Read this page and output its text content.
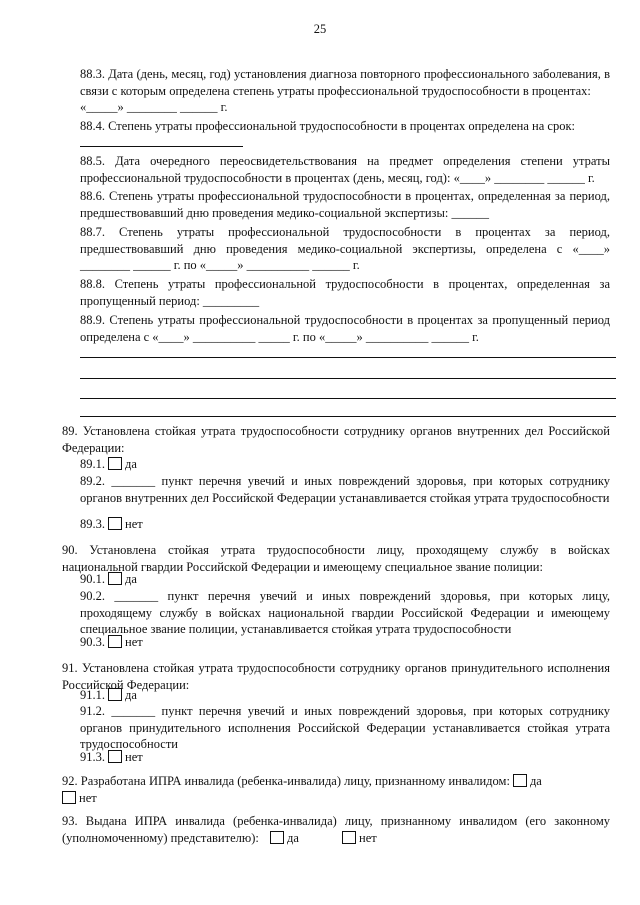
25
88.3. Дата (день, месяц, год) установления диагноза повторного профессионального заболевания, в связи с которым определена степень утраты профессиональной трудоспособности в процентах:
«_____» ________ ______ г.
88.4. Степень утраты профессиональной трудоспособности в процентах определена на срок:
88.5. Дата очередного переосвидетельствования на предмет определения степени утраты профессиональной трудоспособности в процентах (день, месяц, год): «____» ________ ______ г.
88.6. Степень утраты профессиональной трудоспособности в процентах, определенная за период, предшествовавший дню проведения медико-социальной экспертизы: ______
88.7. Степень утраты профессиональной трудоспособности в процентах за период, предшествовавший дню проведения медико-социальной экспертизы, определена с «____» ________ ______ г. по «_____» __________ ______ г.
88.8. Степень утраты профессиональной трудоспособности в процентах, определенная за пропущенный период: _________
88.9. Степень утраты профессиональной трудоспособности в процентах за пропущенный период определена с «____» __________ _____ г. по «_____» __________ ______ г.
89. Установлена стойкая утрата трудоспособности сотруднику органов внутренних дел Российской Федерации:
89.1. да
89.2. _______ пункт перечня увечий и иных повреждений здоровья, при которых сотруднику органов внутренних дел Российской Федерации устанавливается стойкая утрата трудоспособности
89.3. нет
90. Установлена стойкая утрата трудоспособности лицу, проходящему службу в войсках национальной гвардии Российской Федерации и имеющему специальное звание полиции:
90.1. да
90.2. _______ пункт перечня увечий и иных повреждений здоровья, при которых лицу, проходящему службу в войсках национальной гвардии Российской Федерации и имеющему специальное звание полиции, устанавливается стойкая утрата трудоспособности
90.3. нет
91. Установлена стойкая утрата трудоспособности сотруднику органов принудительного исполнения Российской Федерации:
91.1. да
91.2. _______ пункт перечня увечий и иных повреждений здоровья, при которых сотруднику органов принудительного исполнения Российской Федерации устанавливается стойкая утрата трудоспособности
91.3. нет
92. Разработана ИПРА инвалида (ребенка-инвалида) лицу, признанному инвалидом: да
нет
93. Выдана ИПРА инвалида (ребенка-инвалида) лицу, признанному инвалидом (его законному (уполномоченному) представителю): да	нет
